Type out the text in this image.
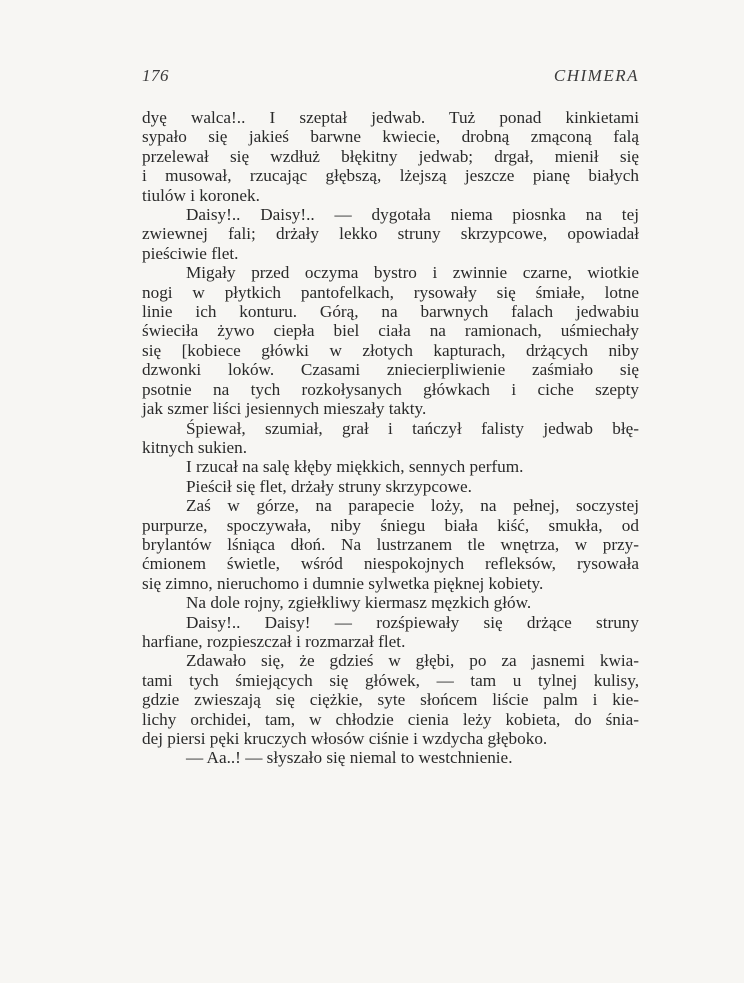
176	CHIMERA
dyę walca!.. I szeptał jedwab. Tuż ponad kinkietami
sypało się jakieś barwne kwiecie, drobną zmąconą falą
przelewał się wzdłuż błękitny jedwab; drgał, mienił się
i musował, rzucając głębszą, lżejszą jeszcze pianę białych
tiulów i koronek.
Daisy!.. Daisy!.. — dygotała niema piosnka na tej
zwiewnej fali; drżały lekko struny skrzypcowe, opowiadał
pieściwie flet.
Migały przed oczyma bystro i zwinnie czarne, wiotkie
nogi w płytkich pantofelkach, rysowały się śmiałe, lotne
linie ich konturu. Górą, na barwnych falach jedwabiu
świeciła żywo ciepła biel ciała na ramionach, uśmiechały
się [kobiece główki w złotych kapturach, drżących niby
dzwonki loków. Czasami zniecierpliwienie zaśmiało się
psotnie na tych rozkołysanych główkach i ciche szepty
jak szmer liści jesiennych mieszały takty.
Śpiewał, szumiał, grał i tańczył falisty jedwab błę-
kitnych sukien.
I rzucał na salę kłęby miękkich, sennych perfum.
Pieścił się flet, drżały struny skrzypcowe.
Zaś w górze, na parapecie loży, na pełnej, soczystej
purpurze, spoczywała, niby śniegu biała kiść, smukła, od
brylantów lśniąca dłoń. Na lustrzanem tle wnętrza, w przy-
ćmionem świetle, wśród niespokojnych refleksów, rysowała
się zimno, nieruchomo i dumnie sylwetka pięknej kobiety.
Na dole rojny, zgiełkliwy kiermasz męzkich głów.
Daisy!.. Daisy! — rozśpiewały się drżące struny
harfiane, rozpieszczał i rozmarzał flet.
Zdawało się, że gdzieś w głębi, po za jasnemi kwia-
tami tych śmiejących się główek, — tam u tylnej kulisy,
gdzie zwieszają się ciężkie, syte słońcem liście palm i kie-
lichy orchidei, tam, w chłodzie cienia leży kobieta, do śnia-
dej piersi pęki kruczych włosów ciśnie i wzdycha głęboko.
— Aa..! — słyszało się niemal to westchnienie.
